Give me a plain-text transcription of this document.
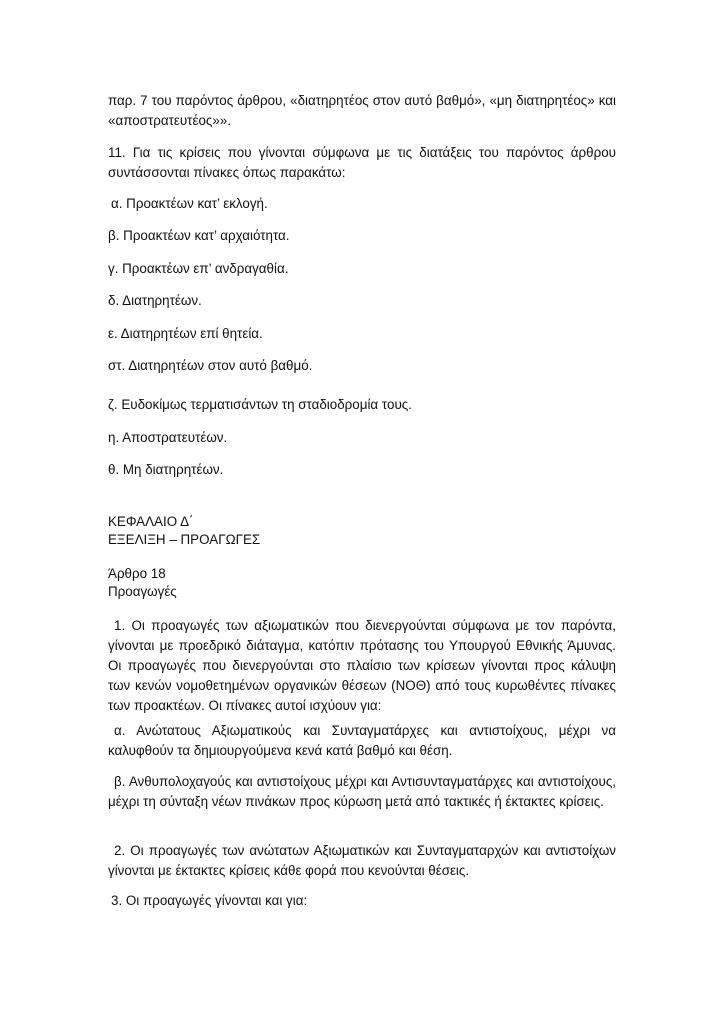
παρ. 7 του παρόντος άρθρου, «διατηρητέος στον αυτό βαθμό», «μη διατηρητέος» και «αποστρατευτέος»».

11. Για τις κρίσεις που γίνονται σύμφωνα με τις διατάξεις του παρόντος άρθρου συντάσσονται πίνακες όπως παρακάτω:

α. Προακτέων κατ’ εκλογή.

β. Προακτέων κατ’ αρχαιότητα.

γ. Προακτέων επ’ ανδραγαθία.

δ. Διατηρητέων.

ε. Διατηρητέων επί θητεία.

στ. Διατηρητέων στον αυτό βαθμό.

ζ. Ευδοκίμως τερματισάντων τη σταδιοδρομία τους.

η. Αποστρατευτέων.

θ. Μη διατηρητέων.

ΚΕΦΑΛΑΙΟ Δ΄

ΕΞΕΛΙΞΗ – ΠΡΟΑΓΩΓΕΣ

Άρθρο 18

Προαγωγές

1. Οι προαγωγές των αξιωματικών που διενεργούνται σύμφωνα με τον παρόντα, γίνονται με προεδρικό διάταγμα, κατόπιν πρότασης του Υπουργού Εθνικής Άμυνας. Οι προαγωγές που διενεργούνται στο πλαίσιο των κρίσεων γίνονται προς κάλυψη των κενών νομοθετημένων οργανικών θέσεων (ΝΟΘ) από τους κυρωθέντες πίνακες των προακτέων. Οι πίνακες αυτοί ισχύουν για:

α. Ανώτατους Αξιωματικούς και Συνταγματάρχες και αντιστοίχους, μέχρι να καλυφθούν τα δημιουργούμενα κενά κατά βαθμό και θέση.

β. Ανθυπολοχαγούς και αντιστοίχους μέχρι και Αντισυνταγματάρχες και αντιστοίχους, μέχρι τη σύνταξη νέων πινάκων προς κύρωση μετά από τακτικές ή έκτακτες κρίσεις.

2. Οι προαγωγές των ανώτατων Αξιωματικών και Συνταγματαρχών και αντιστοίχων γίνονται με έκτακτες κρίσεις κάθε φορά που κενούνται θέσεις.

3. Οι προαγωγές γίνονται και για:
